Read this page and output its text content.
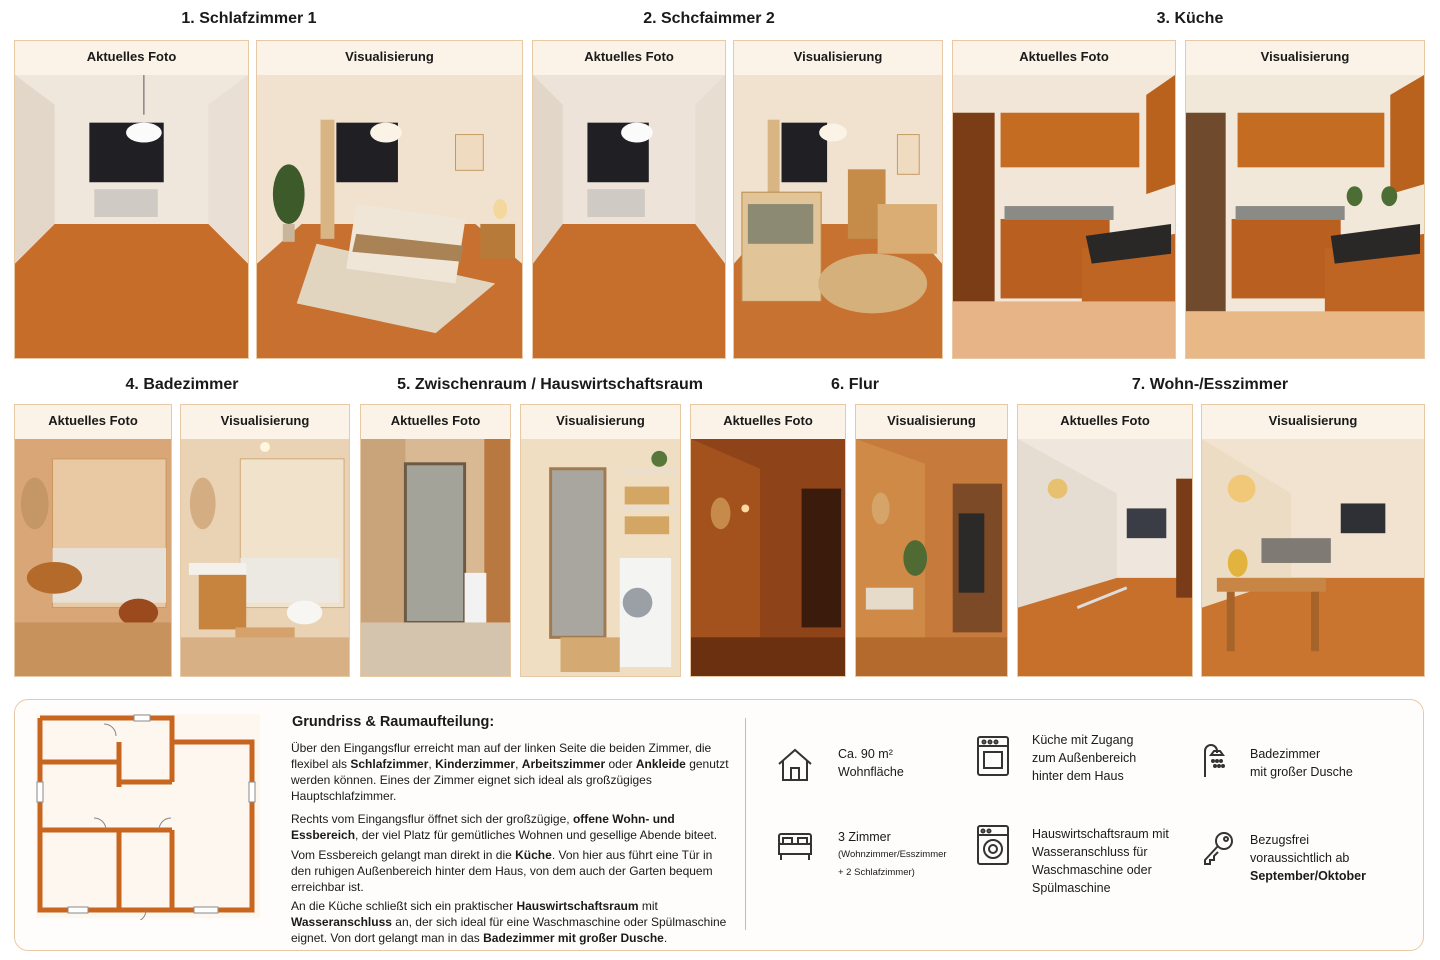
1. Schlafzimmer 1	2. Schcfaimmer 2	3. Küche
Aktuelles Foto	Visualisierung	Aktuelles Foto	Visualisierung	Aktuelles Foto	Visualisierung
4. Badezimmer	5. Zwischenraum / Hauswirtschaftsraum	6. Flur	7. Wohn-/Esszimmer
Aktuelles Foto	Visualisierung	Aktuelles Foto	Visualisierung	Aktuelles Foto	Visualisierung	Aktuelles Foto	Visualisierung
Grundriss & Raumaufteilung:

Über den Eingangsflur erreicht man auf der linken Seite die beiden Zimmer, die flexibel als Schlafzimmer, Kinderzimmer, Arbeitszimmer oder Ankleide genutzt werden können. Eines der Zimmer eignet sich ideal als großzügiges Hauptschlafzimmer.

Rechts vom Eingangsflur öffnet sich der großzügige, offene Wohn- und Essbereich, der viel Platz für gemütliches Wohnen und gesellige Abende biteet.

Vom Essbereich gelangt man direkt in die Küche. Von hier aus führt eine Tür in den ruhigen Außenbereich hinter dem Haus, von dem auch der Garten bequem erreichbar ist.

An die Küche schließt sich ein praktischer Hauswirtschaftsraum mit Wasseranschluss an, der sich ideal für eine Waschmaschine oder Spülmaschine eignet. Von dort gelangt man in das Badezimmer mit großer Dusche.

Ca. 90 m²
Wohnfläche
Küche mit Zugang
zum Außenbereich
hinter dem Haus
Badezimmer
mit großer Dusche
3 Zimmer
(Wohnzimmer/Esszimmer
+ 2 Schlafzimmer)
Hauswirtschaftsraum mit
Wasseranschluss für
Waschmaschine oder
Spülmaschine
Bezugsfrei
voraussichtlich ab
September/Oktober
